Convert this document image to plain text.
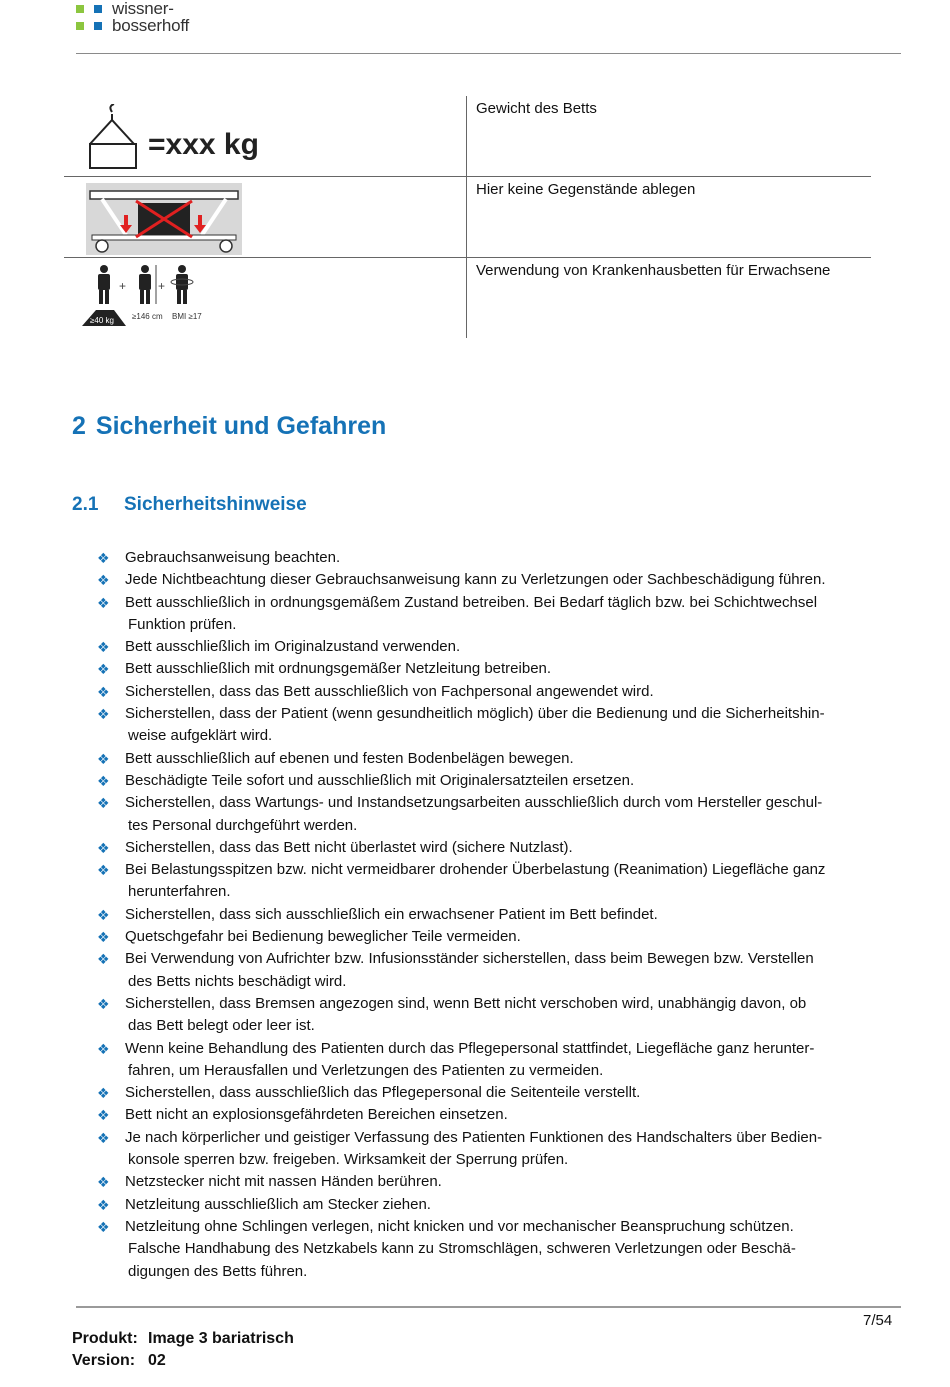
wissner-
bosserhoff
=xxx kg
Gewicht des Betts
Hier keine Gegenstände ablegen
+	+
≥40 kg ≥146 cm BMI ≥17
Verwendung von Krankenhausbetten für Erwachsene
2 Sicherheit und Gefahren
2.1 Sicherheitshinweise
❖ Gebrauchsanweisung beachten.
❖ Jede Nichtbeachtung dieser Gebrauchsanweisung kann zu Verletzungen oder Sachbeschädigung führen.
❖ Bett ausschließlich in ordnungsgemäßem Zustand betreiben. Bei Bedarf täglich bzw. bei Schichtwechsel
Funktion prüfen.
❖ Bett ausschließlich im Originalzustand verwenden.
❖ Bett ausschließlich mit ordnungsgemäßer Netzleitung betreiben.
❖ Sicherstellen, dass das Bett ausschließlich von Fachpersonal angewendet wird.
❖ Sicherstellen, dass der Patient (wenn gesundheitlich möglich) über die Bedienung und die Sicherheitshin-
weise aufgeklärt wird.
❖ Bett ausschließlich auf ebenen und festen Bodenbelägen bewegen.
❖ Beschädigte Teile sofort und ausschließlich mit Originalersatzteilen ersetzen.
❖ Sicherstellen, dass Wartungs- und Instandsetzungsarbeiten ausschließlich durch vom Hersteller geschul-
tes Personal durchgeführt werden.
❖ Sicherstellen, dass das Bett nicht überlastet wird (sichere Nutzlast).
❖ Bei Belastungsspitzen bzw. nicht vermeidbarer drohender Überbelastung (Reanimation) Liegefläche ganz
herunterfahren.
❖ Sicherstellen, dass sich ausschließlich ein erwachsener Patient im Bett befindet.
❖ Quetschgefahr bei Bedienung beweglicher Teile vermeiden.
❖ Bei Verwendung von Aufrichter bzw. Infusionsständer sicherstellen, dass beim Bewegen bzw. Verstellen
des Betts nichts beschädigt wird.
❖ Sicherstellen, dass Bremsen angezogen sind, wenn Bett nicht verschoben wird, unabhängig davon, ob
das Bett belegt oder leer ist.
❖ Wenn keine Behandlung des Patienten durch das Pflegepersonal stattfindet, Liegefläche ganz herunter-
fahren, um Herausfallen und Verletzungen des Patienten zu vermeiden.
❖ Sicherstellen, dass ausschließlich das Pflegepersonal die Seitenteile verstellt.
❖ Bett nicht an explosionsgefährdeten Bereichen einsetzen.
❖ Je nach körperlicher und geistiger Verfassung des Patienten Funktionen des Handschalters über Bedien-
konsole sperren bzw. freigeben. Wirksamkeit der Sperrung prüfen.
❖ Netzstecker nicht mit nassen Händen berühren.
❖ Netzleitung ausschließlich am Stecker ziehen.
❖ Netzleitung ohne Schlingen verlegen, nicht knicken und vor mechanischer Beanspruchung schützen.
Falsche Handhabung des Netzkabels kann zu Stromschlägen, schweren Verletzungen oder Beschä-
digungen des Betts führen.
7/54
Produkt: Image 3 bariatrisch
Version: 02
